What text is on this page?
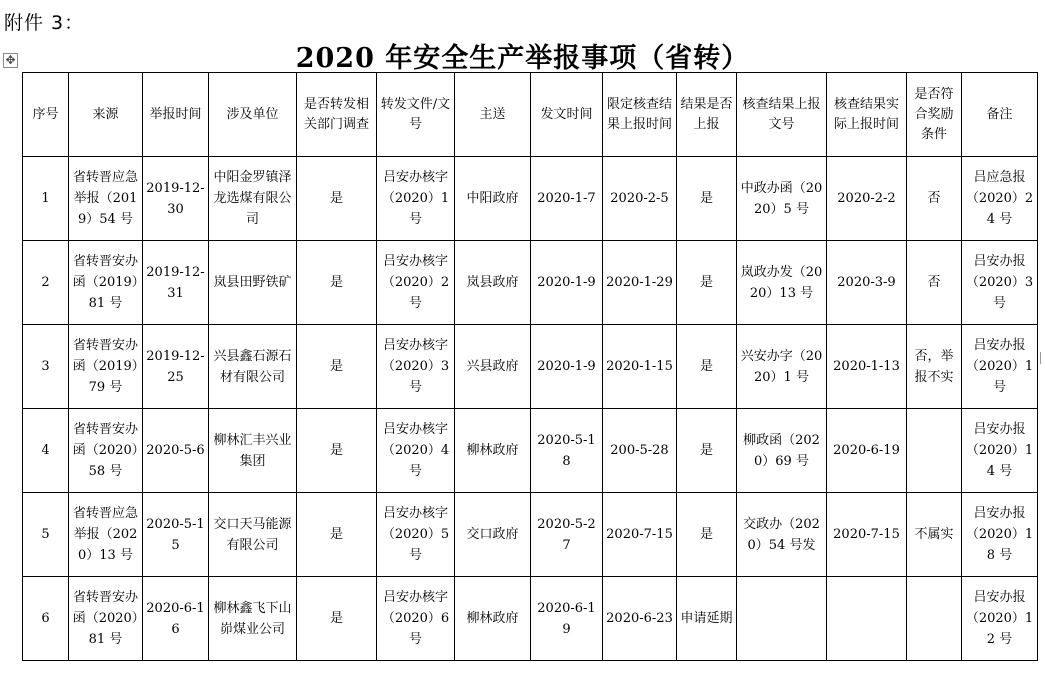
附件 3：
✥	2020 年安全生产举报事项（省转）
序号	来源	举报时间	涉及单位	是否转发相关部门调查	转发文件/文号	主送	发文时间	限定核查结果上报时间	结果是否上报	核查结果上报文号	核查结果实际上报时间	是否符合奖励条件	备注
1	省转晋应急举报（2019）54 号	2019-12-30	中阳金罗镇泽龙选煤有限公司	是	吕安办核字（2020）1 号	中阳政府	2020-1-7	2020-2-5	是	中政办函（2020）5 号	2020-2-2	否	吕应急报（2020）24 号
2	省转晋安办函（2019）81 号	2019-12-31	岚县田野铁矿	是	吕安办核字（2020）2 号	岚县政府	2020-1-9	2020-1-29	是	岚政办发（2020）13 号	2020-3-9	否	吕安办报（2020）3 号
3	省转晋安办函（2019）79 号	2019-12-25	兴县鑫石源石材有限公司	是	吕安办核字（2020）3 号	兴县政府	2020-1-9	2020-1-15	是	兴安办字（2020）1 号	2020-1-13	否，举报不实	吕安办报（2020）1 号
4	省转晋安办函（2020）58 号	2020-5-6	柳林汇丰兴业集团	是	吕安办核字（2020）4 号	柳林政府	2020-5-18	200-5-28	是	柳政函（2020）69 号	2020-6-19		吕安办报（2020）14 号
5	省转晋应急举报（2020）13 号	2020-5-15	交口天马能源有限公司	是	吕安办核字（2020）5 号	交口政府	2020-5-27	2020-7-15	是	交政办（2020）54 号发	2020-7-15	不属实	吕安办报（2020）18 号
6	省转晋安办函（2020）81 号	2020-6-16	柳林鑫飞下山峁煤业公司	是	吕安办核字（2020）6 号	柳林政府	2020-6-19	2020-6-23	申请延期				吕安办报（2020）12 号
